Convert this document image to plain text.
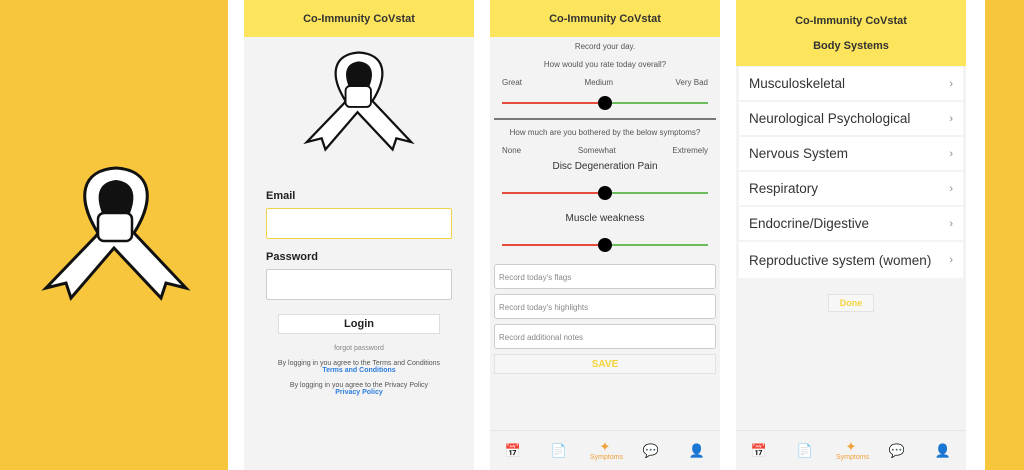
Co-Immunity CoVstat
Email
Password
Login
forgot password
By logging in you agree to the Terms and Conditions
Terms and Conditions
By logging in you agree to the Privacy Policy
Privacy Policy
Co-Immunity CoVstat
Record your day.
How would you rate today overall?
Great	Medium	Very Bad
How much are you bothered by the below symptoms?
None	Somewhat	Extremely
Disc Degeneration Pain
Muscle weakness
Record today's flags
Record today's highlights
Record additional notes
SAVE
📅	📄	✦
Symptoms	💬	👤
Co-Immunity CoVstat
Body Systems
Musculoskeletal	›
Neurological Psychological	›
Nervous System	›
Respiratory	›
Endocrine/Digestive	›
Reproductive system (women) ›
Done
📅	📄	✦
Symptoms	💬	👤
